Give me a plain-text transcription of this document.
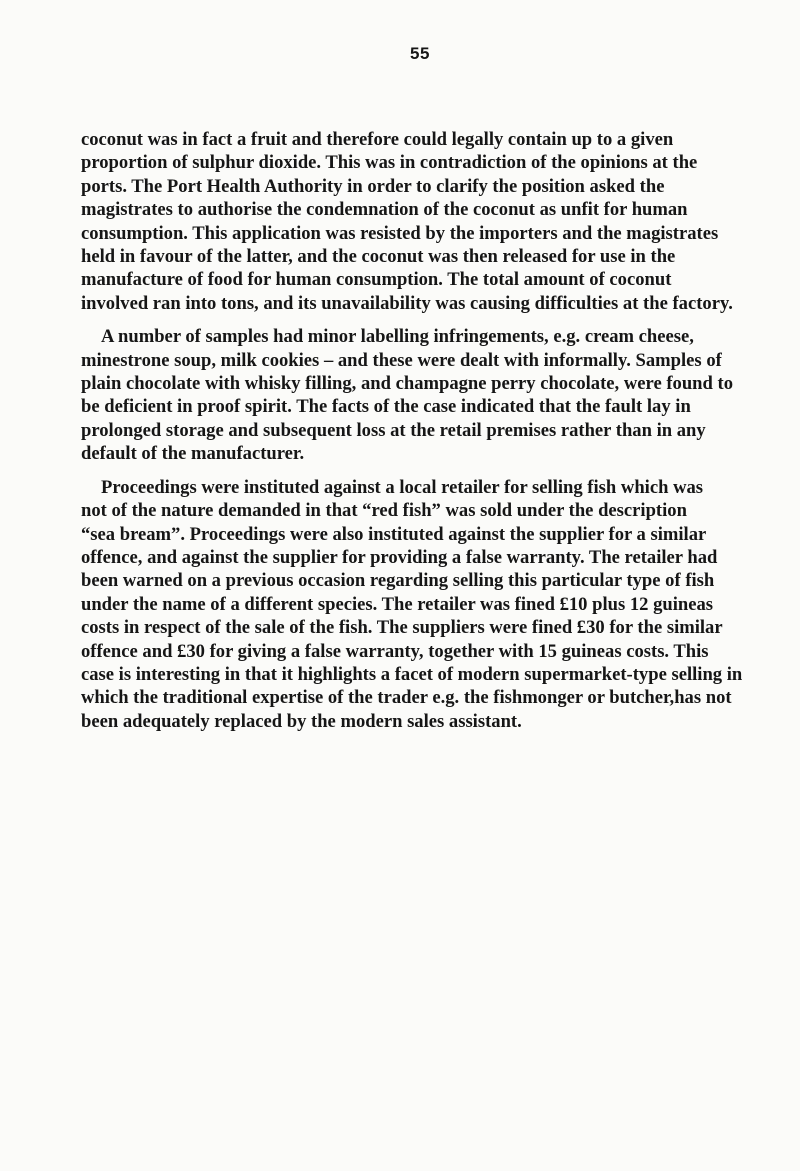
55

coconut was in fact a fruit and therefore could legally contain up to a given
proportion of sulphur dioxide. This was in contradiction of the opinions at the
ports. The Port Health Authority in order to clarify the position asked the
magistrates to authorise the condemnation of the coconut as unfit for human
consumption. This application was resisted by the importers and the magistrates
held in favour of the latter, and the coconut was then released for use in the
manufacture of food for human consumption. The total amount of coconut
involved ran into tons, and its unavailability was causing difficulties at the factory.

A number of samples had minor labelling infringements, e.g. cream cheese,
minestrone soup, milk cookies – and these were dealt with informally. Samples of
plain chocolate with whisky filling, and champagne perry chocolate, were found to
be deficient in proof spirit. The facts of the case indicated that the fault lay in
prolonged storage and subsequent loss at the retail premises rather than in any
default of the manufacturer.

Proceedings were instituted against a local retailer for selling fish which was
not of the nature demanded in that “red fish” was sold under the description
“sea bream”. Proceedings were also instituted against the supplier for a similar
offence, and against the supplier for providing a false warranty. The retailer had
been warned on a previous occasion regarding selling this particular type of fish
under the name of a different species. The retailer was fined £10 plus 12 guineas
costs in respect of the sale of the fish. The suppliers were fined £30 for the similar
offence and £30 for giving a false warranty, together with 15 guineas costs. This
case is interesting in that it highlights a facet of modern supermarket-type selling in
which the traditional expertise of the trader e.g. the fishmonger or butcher,has not
been adequately replaced by the modern sales assistant.
